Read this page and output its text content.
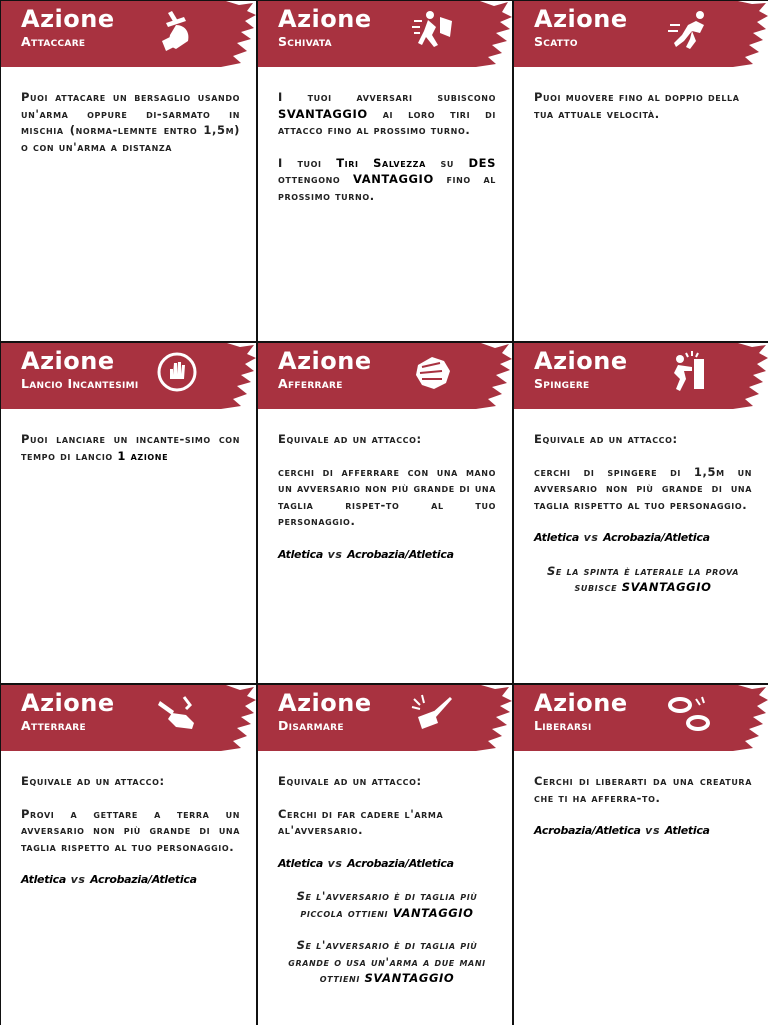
Azione
Attaccare

Puoi attacare un bersaglio usando un'arma oppure di-sarmato in mischia (norma-lemnte entro 1,5m) o con un'arma a distanza

Azione
Schivata

I tuoi avversari subiscono SVANTAGGIO ai loro tiri di attacco fino al prossimo turno.

I tuoi Tiri Salvezza su DES ottengono VANTAGGIO fino al prossimo turno.

Azione
Scatto

Puoi muovere fino al doppio della tua attuale velocità.

Azione
Lancio Incantesimi

Puoi lanciare un incante-simo con tempo di lancio 1 azione

Azione
Afferrare

Equivale ad un attacco:

cerchi di afferrare con una mano un avversario non più grande di una taglia rispet-to al tuo personaggio.

Atletica vs Acrobazia/Atletica

Azione
Spingere

Equivale ad un attacco:

cerchi di spingere di 1,5m un avversario non più grande di una taglia rispetto al tuo personaggio.

Atletica vs Acrobazia/Atletica

Se la spinta è laterale la prova subisce SVANTAGGIO

Azione
Atterrare

Equivale ad un attacco:

Provi a gettare a terra un avversario non più grande di una taglia rispetto al tuo personaggio.

Atletica vs Acrobazia/Atletica

Azione
Disarmare

Equivale ad un attacco:

Cerchi di far cadere l'arma al'avversario.

Atletica vs Acrobazia/Atletica

Se l'avversario è di taglia più piccola ottieni VANTAGGIO

Se l'avversario è di taglia più grande o usa un'arma a due mani ottieni SVANTAGGIO

Azione
Liberarsi

Cerchi di liberarti da una creatura che ti ha afferra-to.

Acrobazia/Atletica vs Atletica
